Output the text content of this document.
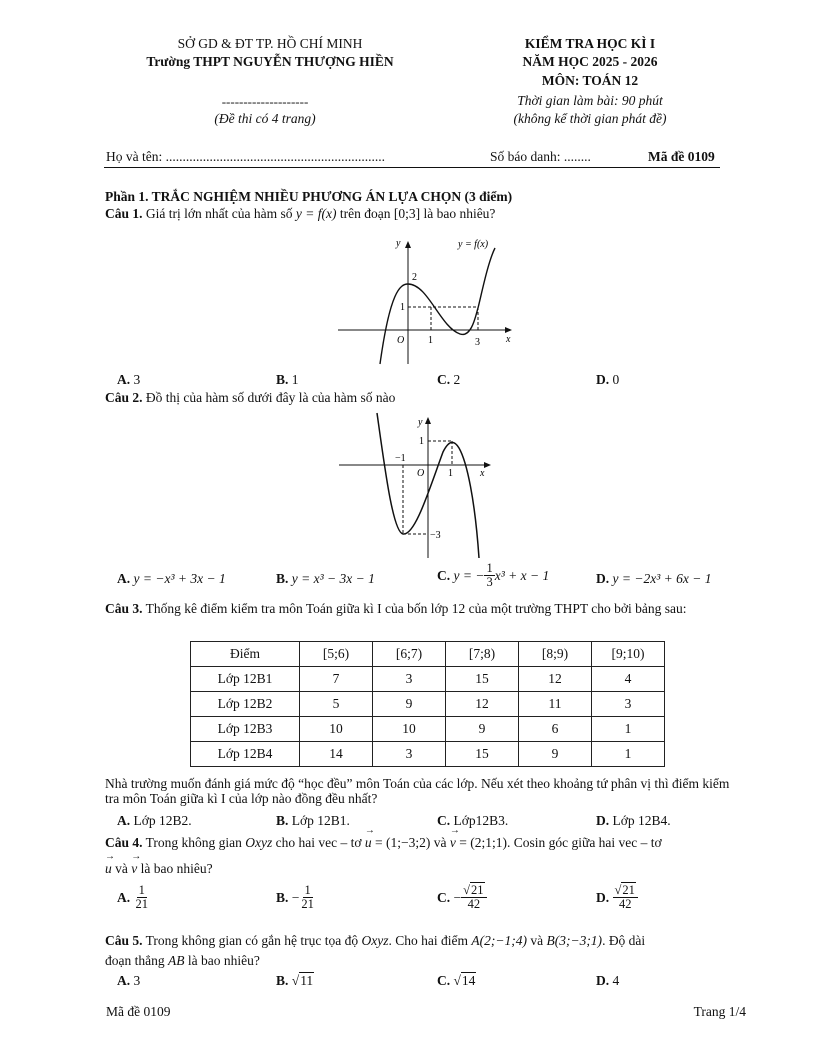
SỞ GD & ĐT TP. HỒ CHÍ MINH
Trường THPT NGUYỄN THƯỢNG HIỀN
--------------------
(Đề thi có 4 trang)
KIỂM TRA HỌC KÌ I
NĂM HỌC 2025 - 2026
MÔN: TOÁN 12
Thời gian làm bài: 90 phút
(không kể thời gian phát đề)
Họ và tên: .................................................................	Số báo danh: ........	Mã đề 0109
Phần 1. TRẮC NGHIỆM NHIỀU PHƯƠNG ÁN LỰA CHỌN (3 điểm)
Câu 1. Giá trị lớn nhất của hàm số y = f(x) trên đoạn [0;3] là bao nhiêu?
y	y = f(x)
x
O
2
1
1	3
A. 3	B. 1	C. 2	D. 0
Câu 2. Đồ thị của hàm số dưới đây là của hàm số nào
y
x
O
−1
1
1
−3
A. y = −x³ + 3x − 1	B. y = x³ − 3x − 1	C.
y = − $\frac{1}{3} x^3 + x - 1$	D. y = −2x³ + 6x − 1
Câu 3. Thống kê điểm kiểm tra môn Toán giữa kì I của bốn lớp 12 của một trường THPT cho bởi bảng sau:
Điểm	[5;6)	[6;7)	[7;8)	[8;9)	[9;10)
Lớp 12B1	7	3	15	12	4
Lớp 12B2	5	9	12	11	3
Lớp 12B3	10	10	9	6	1
Lớp 12B4	14	3	15	9	1
Nhà trường muốn đánh giá mức độ “học đều” môn Toán của các lớp. Nếu xét theo khoảng tứ phân vị thì điểm kiểm tra môn Toán giữa kì I của lớp nào đồng đều nhất?
A. Lớp 12B2.	B. Lớp 12B1.	C. Lớp12B3.	D. Lớp 12B4.
Câu 4. Trong không gian Oxyz cho hai vec – tơ → u = (1;−3;2) và → v = (2;1;1). Cosin góc giữa hai vec – tơ
→ u và → v là bao nhiêu?
A.
$\frac{1}{21}$	B.
− $\frac{1}{21}$	C.
− $\frac{√21}{42}$	D.
$\frac{√21}{42}$
Câu 5. Trong không gian có gắn hệ trục tọa độ Oxyz. Cho hai điểm A(2;−1;4) và B(3;−3;1). Độ dài
đoạn thẳng AB là bao nhiêu?
A. 3	B. √11	C. √14	D. 4
Mã đề 0109	Trang 1/4
